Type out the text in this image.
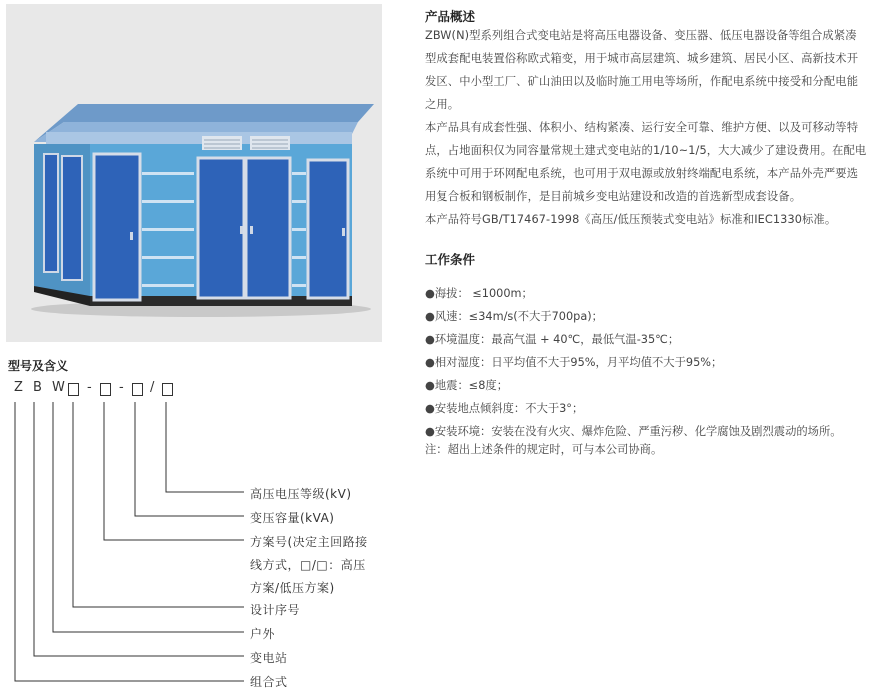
产品概述
ZBW(N)型系列组合式变电站是将高压电器设备、变压器、低压电器设备等组合成紧凑
型成套配电装置俗称欧式箱变，用于城市高层建筑、城乡建筑、居民小区、高新技术开
发区、中小型工厂、矿山油田以及临时施工用电等场所，作配电系统中接受和分配电能
之用。
本产品具有成套性强、体积小、结构紧凑、运行安全可靠、维护方便、以及可移动等特
点，占地面积仅为同容量常规土建式变电站的1/10~1/5，大大减少了建设费用。在配电
系统中可用于环网配电系统，也可用于双电源或放射终端配电系统，本产品外壳严要选
用复合板和钢板制作，是目前城乡变电站建设和改造的首选新型成套设备。
本产品符号GB/T17467-1998《高压/低压预装式变电站》标准和IEC1330标准。
工作条件
●海拔： ≤1000m；
●风速：≤34m/s(不大于700pa)；
●环境温度：最高气温 + 40℃，最低气温-35℃；
●相对湿度：日平均值不大于95%，月平均值不大于95%；
●地震：≤8度；
●安装地点倾斜度：不大于3°；
●安装环境：安装在没有火灾、爆炸危险、严重污秽、化学腐蚀及剧烈震动的场所。
注：超出上述条件的规定时，可与本公司协商。
型号及含义
Z B W - - /
高压电压等级(kV)
变压容量(kVA)
方案号(决定主回路接
线方式，□/□：高压
方案/低压方案)
设计序号
户外
变电站
组合式
